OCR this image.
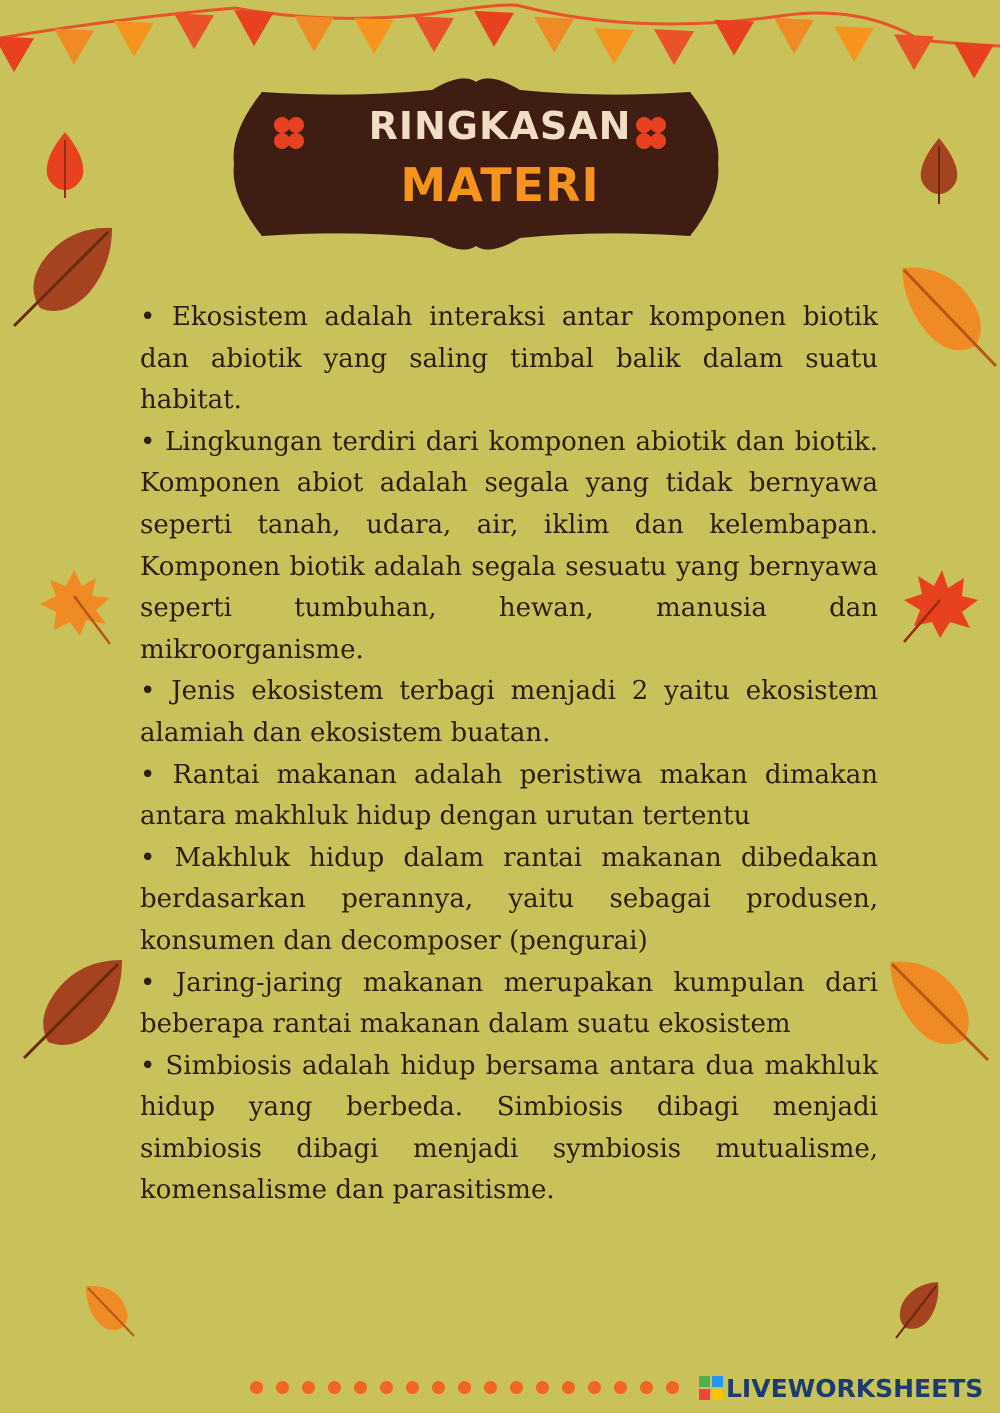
RINGKASAN
MATERI

• Ekosistem adalah interaksi antar komponen biotik dan abiotik yang saling timbal balik dalam suatu habitat.

• Lingkungan terdiri dari komponen abiotik dan biotik. Komponen abiot adalah segala yang tidak bernyawa seperti tanah, udara, air, iklim dan kelembapan. Komponen biotik adalah segala sesuatu yang bernyawa seperti tumbuhan, hewan, manusia dan mikroorganisme.

• Jenis ekosistem terbagi menjadi 2 yaitu ekosistem alamiah dan ekosistem buatan.

• Rantai makanan adalah peristiwa makan dimakan antara makhluk hidup dengan urutan tertentu

• Makhluk hidup dalam rantai makanan dibedakan berdasarkan perannya, yaitu sebagai produsen, konsumen dan decomposer (pengurai)

• Jaring-jaring makanan merupakan kumpulan dari beberapa rantai makanan dalam suatu ekosistem

• Simbiosis adalah hidup bersama antara dua makhluk hidup yang berbeda. Simbiosis dibagi menjadi simbiosis dibagi menjadi symbiosis mutualisme, komensalisme dan parasitisme.

LIVEWORKSHEETS
